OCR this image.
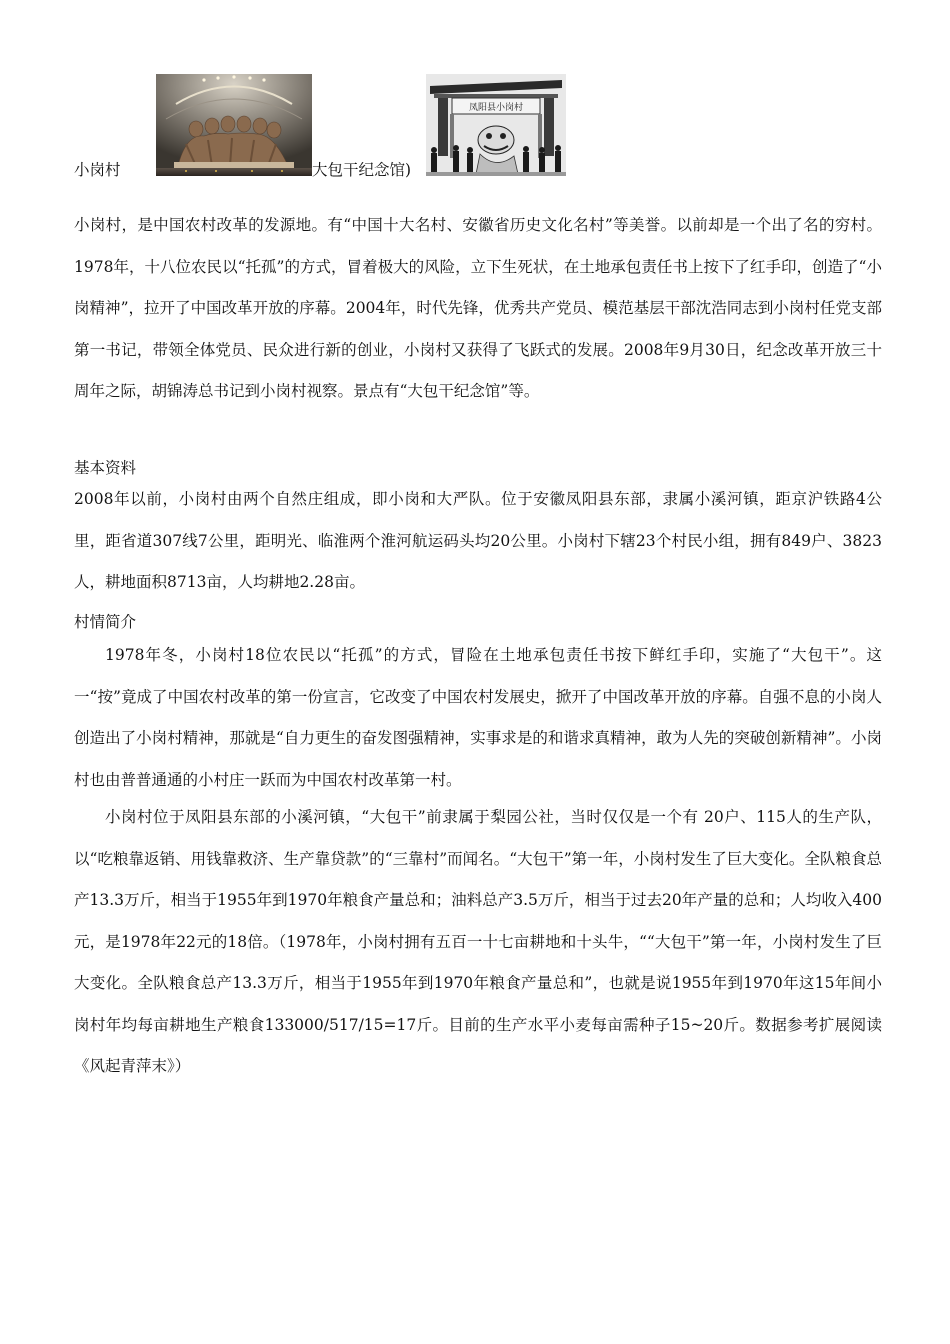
小岗村	大包干纪念馆)
凤阳县小岗村

小岗村，是中国农村改革的发源地。有“中国十大名村、安徽省历史文化名村”等美誉。以前却是一个出了名的穷村。1978年，十八位农民以“托孤”的方式，冒着极大的风险，立下生死状，在土地承包责任书上按下了红手印，创造了“小岗精神”，拉开了中国改革开放的序幕。2004年，时代先锋，优秀共产党员、模范基层干部沈浩同志到小岗村任党支部第一书记，带领全体党员、民众进行新的创业，小岗村又获得了飞跃式的发展。2008年9月30日，纪念改革开放三十周年之际，胡锦涛总书记到小岗村视察。景点有“大包干纪念馆”等。

基本资料

2008年以前，小岗村由两个自然庄组成，即小岗和大严队。位于安徽凤阳县东部，隶属小溪河镇，距京沪铁路4公里，距省道307线7公里，距明光、临淮两个淮河航运码头均20公里。小岗村下辖23个村民小组，拥有849户、3823人，耕地面积8713亩，人均耕地2.28亩。

村情简介

1978年冬，小岗村18位农民以“托孤”的方式，冒险在土地承包责任书按下鲜红手印，实施了“大包干”。这一“按”竟成了中国农村改革的第一份宣言，它改变了中国农村发展史，掀开了中国改革开放的序幕。自强不息的小岗人创造出了小岗村精神，那就是“自力更生的奋发图强精神，实事求是的和谐求真精神，敢为人先的突破创新精神”。小岗村也由普普通通的小村庄一跃而为中国农村改革第一村。

小岗村位于凤阳县东部的小溪河镇，“大包干”前隶属于梨园公社，当时仅仅是一个有 20户、115人的生产队，以“吃粮靠返销、用钱靠救济、生产靠贷款”的“三靠村”而闻名。“大包干”第一年，小岗村发生了巨大变化。全队粮食总产13.3万斤，相当于1955年到1970年粮食产量总和；油料总产3.5万斤，相当于过去20年产量的总和；人均收入400元，是1978年22元的18倍。（1978年，小岗村拥有五百一十七亩耕地和十头牛，““大包干”第一年，小岗村发生了巨大变化。全队粮食总产13.3万斤，相当于1955年到1970年粮食产量总和”，也就是说1955年到1970年这15年间小岗村年均每亩耕地生产粮食133000/517/15=17斤。目前的生产水平小麦每亩需种子15~20斤。数据参考扩展阅读《风起青萍末》）
